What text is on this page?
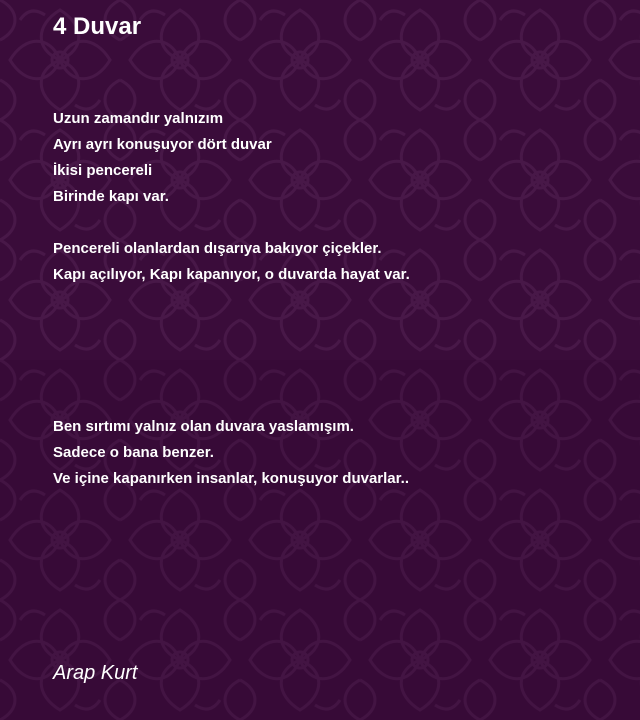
4 Duvar
Uzun zamandır yalnızım
Ayrı ayrı konuşuyor dört duvar
İkisi pencereli
Birinde kapı var.
Pencereli olanlardan dışarıya bakıyor çiçekler.
Kapı açılıyor, Kapı kapanıyor, o duvarda hayat var.
Ben sırtımı yalnız olan duvara yaslamışım.
Sadece o bana benzer.
Ve içine kapanırken insanlar, konuşuyor duvarlar..

Arap Kurt
